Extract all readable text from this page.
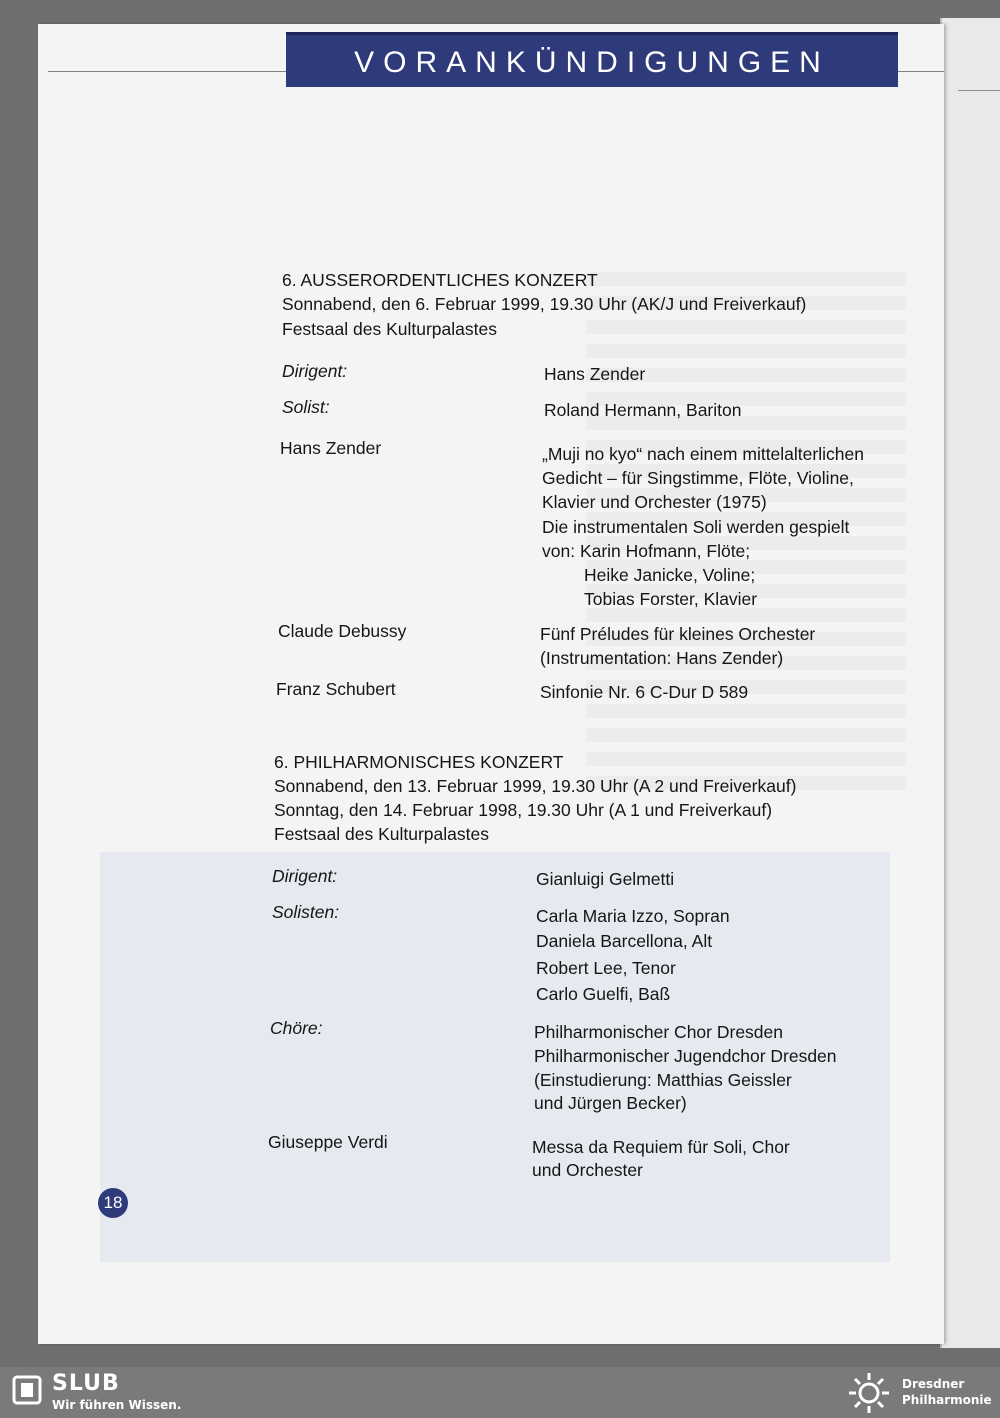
VORANKÜNDIGUNGEN
6. AUSSERORDENTLICHES KONZERT
Sonnabend, den 6. Februar 1999, 19.30 Uhr (AK/J und Freiverkauf)
Festsaal des Kulturpalastes
Dirigent:	Hans Zender
Solist:	Roland Hermann, Bariton
Hans Zender	„Muji no kyo“ nach einem mittelalterlichen
Gedicht – für Singstimme, Flöte, Violine,
Klavier und Orchester (1975)
Die instrumentalen Soli werden gespielt
von: Karin Hofmann, Flöte;
Heike Janicke, Voline;
Tobias Forster, Klavier
Claude Debussy	Fünf Préludes für kleines Orchester
(Instrumentation: Hans Zender)
Franz Schubert	Sinfonie Nr. 6 C-Dur D 589
6. PHILHARMONISCHES KONZERT
Sonnabend, den 13. Februar 1999, 19.30 Uhr (A 2 und Freiverkauf)
Sonntag, den 14. Februar 1998, 19.30 Uhr (A 1 und Freiverkauf)
Festsaal des Kulturpalastes
Dirigent:	Gianluigi Gelmetti
Solisten:	Carla Maria Izzo, Sopran
Daniela Barcellona, Alt
Robert Lee, Tenor
Carlo Guelfi, Baß
Chöre:	Philharmonischer Chor Dresden
Philharmonischer Jugendchor Dresden
(Einstudierung: Matthias Geissler
und Jürgen Becker)
Giuseppe Verdi	Messa da Requiem für Soli, Chor
und Orchester
18
SLUB
Wir führen Wissen.
Dresdner
Philharmonie
